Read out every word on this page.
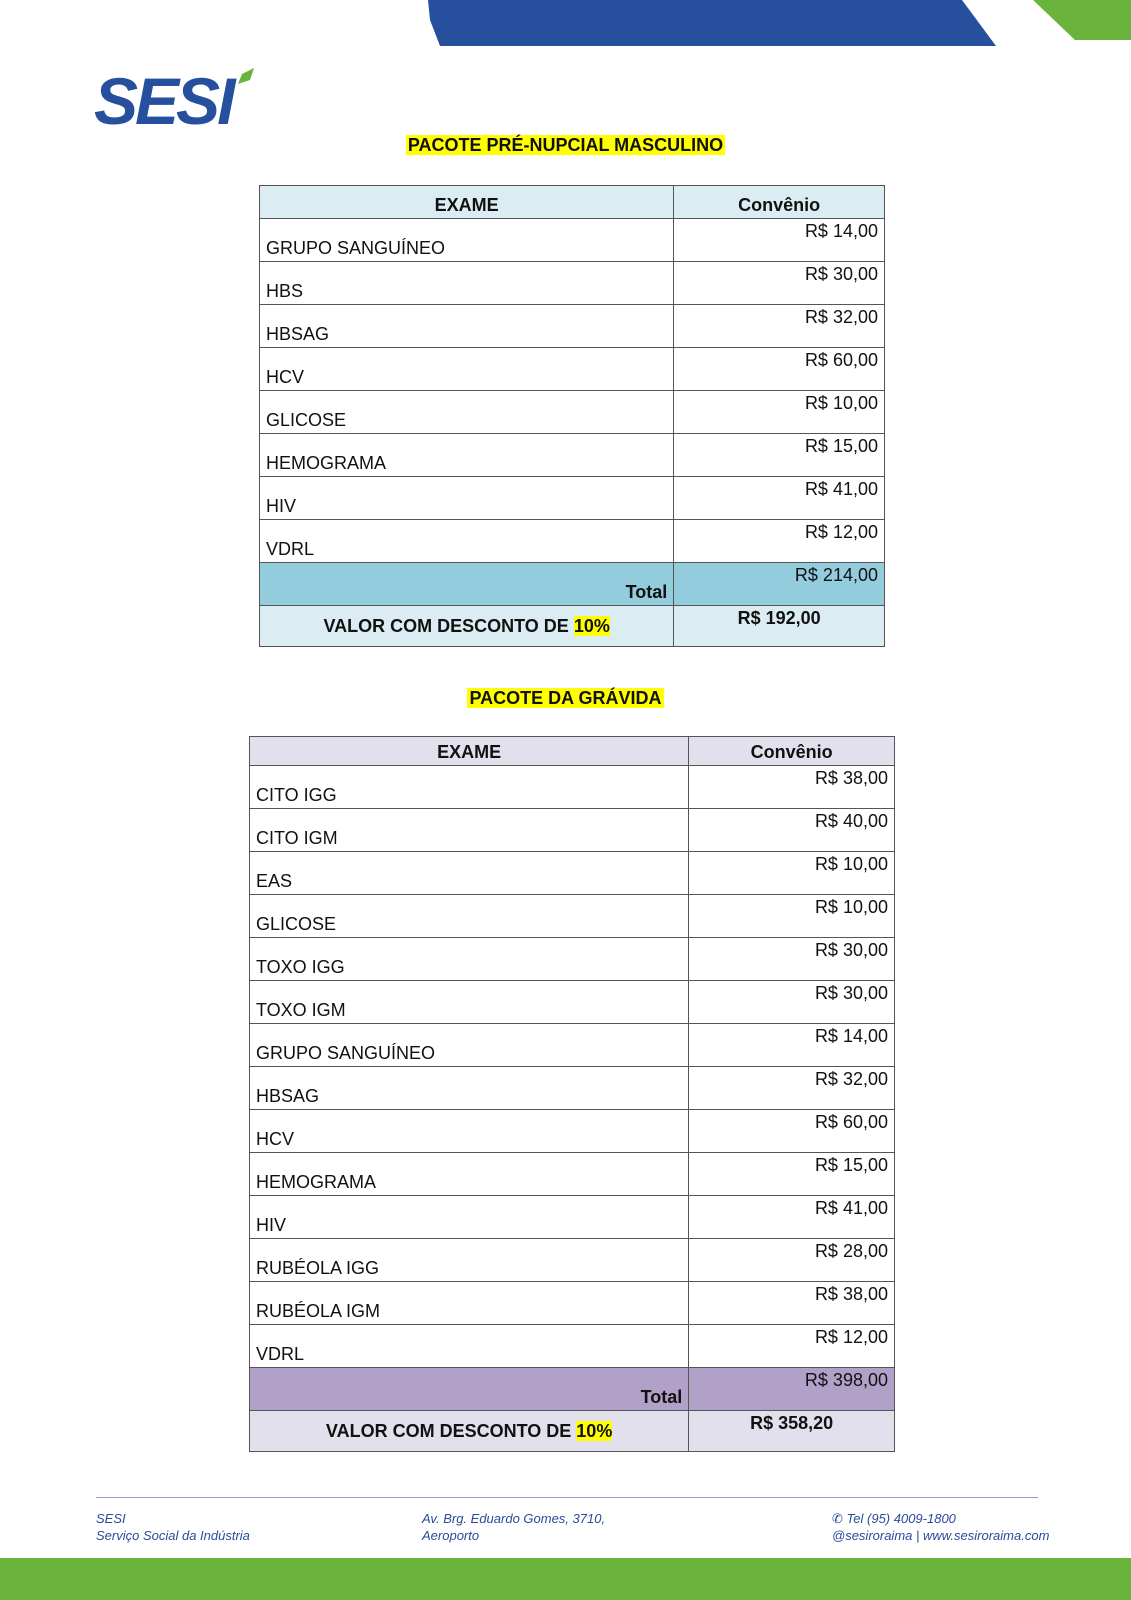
SESI
PACOTE PRÉ-NUPCIAL MASCULINO
EXAME	Convênio
GRUPO SANGUÍNEO	R$ 14,00
HBS	R$ 30,00
HBSAG	R$ 32,00
HCV	R$ 60,00
GLICOSE	R$ 10,00
HEMOGRAMA	R$ 15,00
HIV	R$ 41,00
VDRL	R$ 12,00
Total	R$ 214,00
VALOR COM DESCONTO DE 10%	R$ 192,00
PACOTE DA GRÁVIDA
EXAME	Convênio
CITO IGG	R$ 38,00
CITO IGM	R$ 40,00
EAS	R$ 10,00
GLICOSE	R$ 10,00
TOXO IGG	R$ 30,00
TOXO IGM	R$ 30,00
GRUPO SANGUÍNEO	R$ 14,00
HBSAG	R$ 32,00
HCV	R$ 60,00
HEMOGRAMA	R$ 15,00
HIV	R$ 41,00
RUBÉOLA IGG	R$ 28,00
RUBÉOLA IGM	R$ 38,00
VDRL	R$ 12,00
Total	R$ 398,00
VALOR COM DESCONTO DE 10%	R$ 358,20
SESI
Serviço Social da Indústria
Av. Brg. Eduardo Gomes, 3710,
Aeroporto
✆ Tel (95) 4009-1800
@sesiroraima | www.sesiroraima.com
